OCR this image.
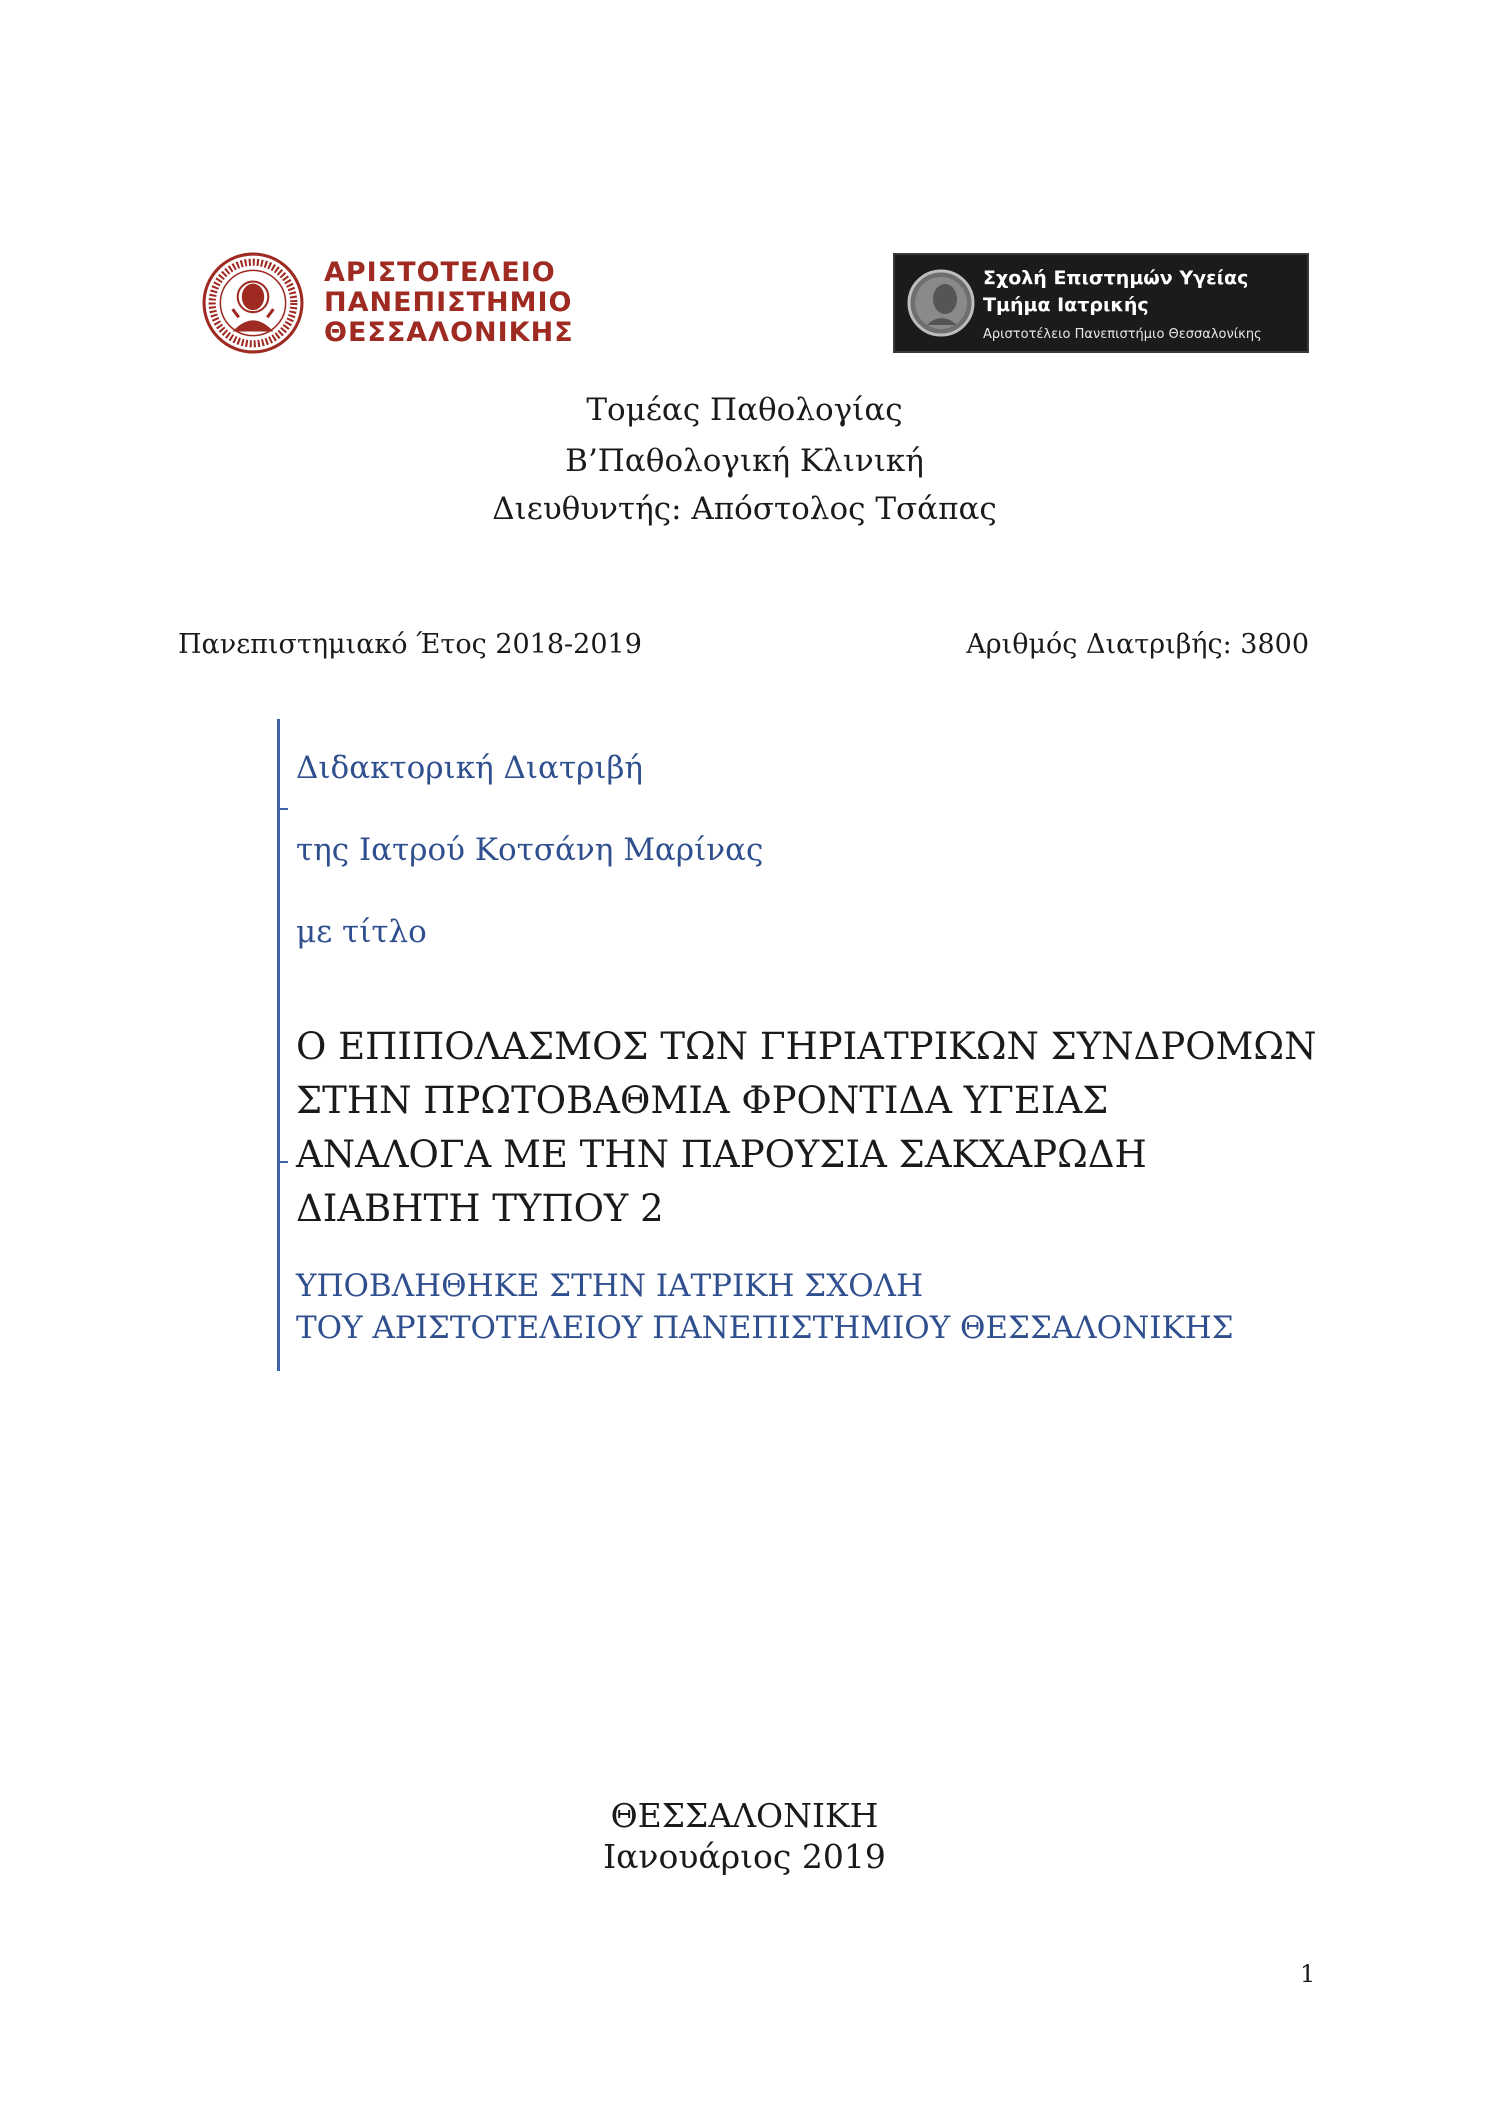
ΑΡΙΣΤΟΤΕΛΕΙΟ
ΠΑΝΕΠΙΣΤΗΜΙΟ
ΘΕΣΣΑΛΟΝΙΚΗΣ
Σχολή Επιστημών Υγείας
Τμήμα Ιατρικής
Αριστοτέλειο Πανεπιστήμιο Θεσσαλονίκης
Τομέας Παθολογίας
Β’Παθολογική Κλινική
Διευθυντής: Απόστολος Τσάπας
Πανεπιστημιακό Έτος 2018-2019	Αριθμός Διατριβής: 3800
Διδακτορική Διατριβή
της Ιατρού Κοτσάνη Μαρίνας
με τίτλο
Ο ΕΠΙΠΟΛΑΣΜΟΣ ΤΩΝ ΓΗΡΙΑΤΡΙΚΩΝ ΣΥΝΔΡΟΜΩΝ
ΣΤΗΝ ΠΡΩΤΟΒΑΘΜΙΑ ΦΡΟΝΤΙΔΑ ΥΓΕΙΑΣ
ΑΝΑΛΟΓΑ ΜΕ ΤΗΝ ΠΑΡΟΥΣΙΑ ΣΑΚΧΑΡΩΔΗ
ΔΙΑΒΗΤΗ ΤΥΠΟΥ 2
ΥΠΟΒΛΗΘΗΚΕ ΣΤΗΝ ΙΑΤΡΙΚΗ ΣΧΟΛΗ
ΤΟΥ ΑΡΙΣΤΟΤΕΛΕΙΟΥ ΠΑΝΕΠΙΣΤΗΜΙΟΥ ΘΕΣΣΑΛΟΝΙΚΗΣ
ΘΕΣΣΑΛΟΝΙΚΗ
Ιανουάριος 2019
1
